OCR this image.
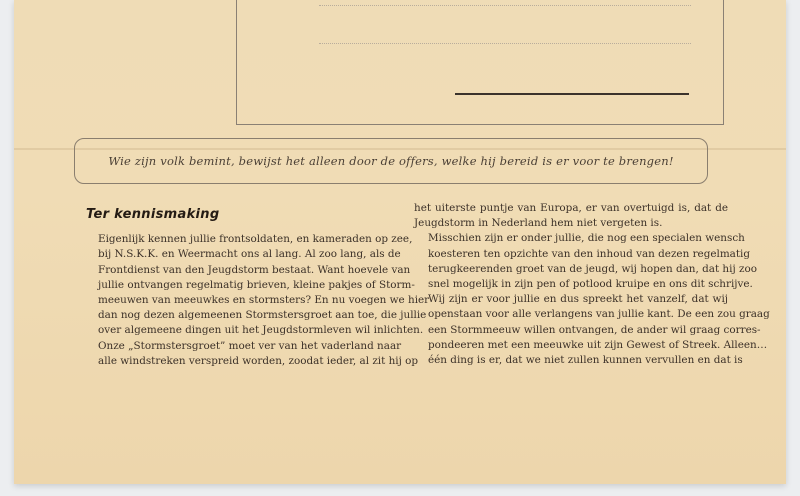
Wie zijn volk bemint, bewijst het alleen door de offers, welke hij bereid is er voor te brengen!
Ter kennismaking

Eigenlijk kennen jullie frontsoldaten, en kameraden op zee,
bij N.S.K.K. en Weermacht ons al lang. Al zoo lang, als de
Frontdienst van den Jeugdstorm bestaat. Want hoevele van
jullie ontvangen regelmatig brieven, kleine pakjes of Storm-
meeuwen van meeuwkes en stormsters? En nu voegen we hier
dan nog dezen algemeenen Stormstersgroet aan toe, die jullie
over algemeene dingen uit het Jeugdstormleven wil inlichten.

Onze „Stormstersgroet” moet ver van het vaderland naar
alle windstreken verspreid worden, zoodat ieder, al zit hij op

het uiterste puntje van Europa, er van overtuigd is, dat de
Jeugdstorm in Nederland hem niet vergeten is.

Misschien zijn er onder jullie, die nog een specialen wensch
koesteren ten opzichte van den inhoud van dezen regelmatig
terugkeerenden groet van de jeugd, wij hopen dan, dat hij zoo
snel mogelijk in zijn pen of potlood kruipe en ons dit schrijve.

Wij zijn er voor jullie en dus spreekt het vanzelf, dat wij
openstaan voor alle verlangens van jullie kant. De een zou graag
een Stormmeeuw willen ontvangen, de ander wil graag corres-
pondeeren met een meeuwke uit zijn Gewest of Streek. Alleen…
één ding is er, dat we niet zullen kunnen vervullen en dat is
